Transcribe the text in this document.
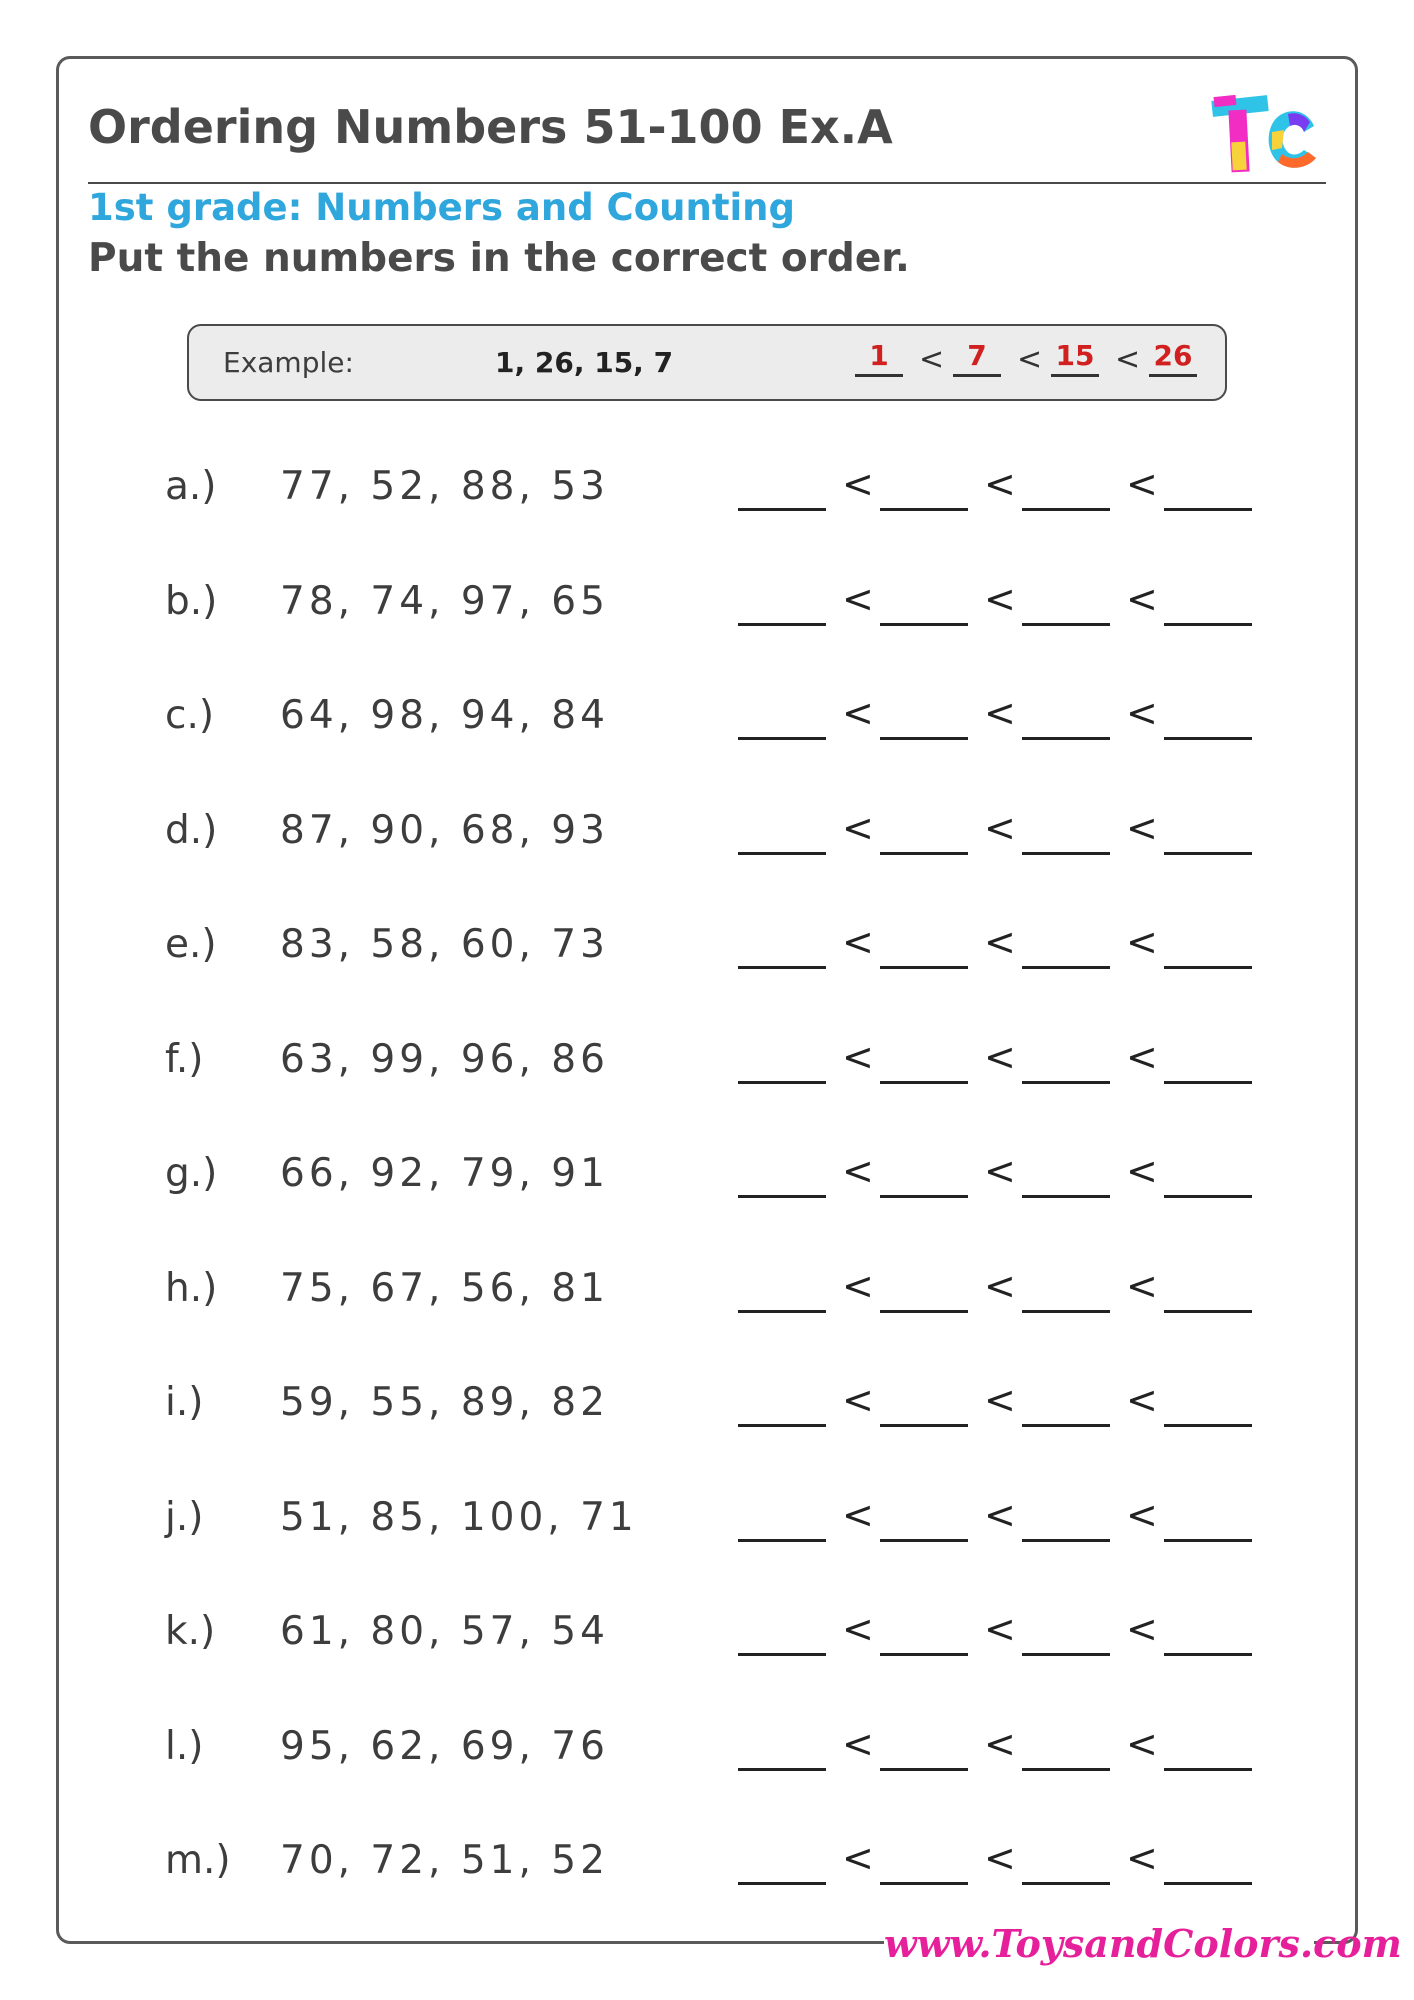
Ordering Numbers 51-100 Ex.A
1st grade: Numbers and Counting
Put the numbers in the correct order.
Example:	1, 26, 15, 7	1	< 7	< 15 < 26
a.) 77, 52, 88, 53	<	<	<
b.) 78, 74, 97, 65	<	<	<
c.) 64, 98, 94, 84	<	<	<
d.) 87, 90, 68, 93	<	<	<
e.) 83, 58, 60, 73	<	<	<
f.) 63, 99, 96, 86	<	<	<
g.) 66, 92, 79, 91	<	<	<
h.) 75, 67, 56, 81	<	<	<
i.) 59, 55, 89, 82	<	<	<
j.) 51, 85, 100, 71	<	<	<
k.) 61, 80, 57, 54	<	<	<
l.) 95, 62, 69, 76	<	<	<
m.) 70, 72, 51, 52	<	<	<
www.ToysandColors.com
